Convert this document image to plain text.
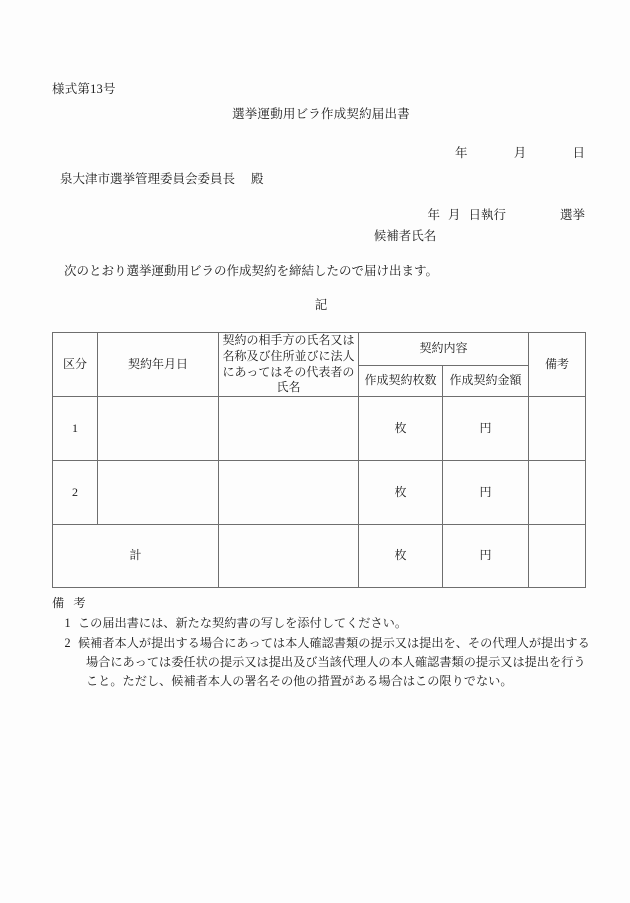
様式第13号
選挙運動用ビラ作成契約届出書
年	月	日
泉大津市選挙管理委員会委員長 殿
年 月 日執行	選挙
候補者氏名
次のとおり選挙運動用ビラの作成契約を締結したので届け出ます。
記
区分	契約年月日	契約の相手方の氏名又は名称及び住所並びに法人にあってはその代表者の氏名	契約内容		備考
			作成契約枚数	作成契約金額	
1			枚	円	
2			枚	円	
計			枚	円	
備 考
1 この届出書には、新たな契約書の写しを添付してください。
2 候補者本人が提出する場合にあっては本人確認書類の提示又は提出を、その代理人が提出する場合にあっては委任状の提示又は提出及び当該代理人の本人確認書類の提示又は提出を行うこと。ただし、候補者本人の署名その他の措置がある場合はこの限りでない。
